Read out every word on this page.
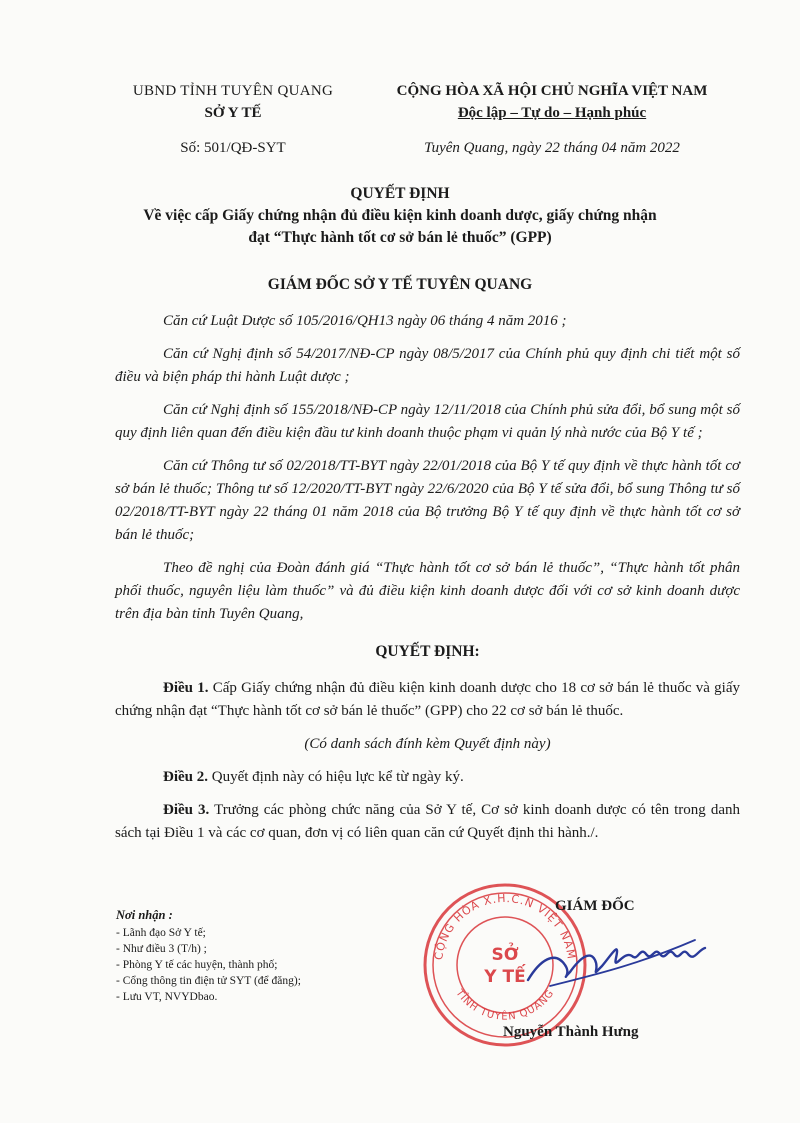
UBND TỈNH TUYÊN QUANG
SỞ Y TẾ
Số: 501/QĐ-SYT
CỘNG HÒA XÃ HỘI CHỦ NGHĨA VIỆT NAM
Độc lập – Tự do – Hạnh phúc
Tuyên Quang, ngày 22 tháng 04 năm 2022
QUYẾT ĐỊNH
Về việc cấp Giấy chứng nhận đủ điều kiện kinh doanh dược, giấy chứng nhận
đạt “Thực hành tốt cơ sở bán lẻ thuốc” (GPP)
GIÁM ĐỐC SỞ Y TẾ TUYÊN QUANG

Căn cứ Luật Dược số 105/2016/QH13 ngày 06 tháng 4 năm 2016 ;

Căn cứ Nghị định số 54/2017/NĐ-CP ngày 08/5/2017 của Chính phủ quy định chi tiết một số điều và biện pháp thi hành Luật dược ;

Căn cứ Nghị định số 155/2018/NĐ-CP ngày 12/11/2018 của Chính phủ sửa đổi, bổ sung một số quy định liên quan đến điều kiện đầu tư kinh doanh thuộc phạm vi quản lý nhà nước của Bộ Y tế ;

Căn cứ Thông tư số 02/2018/TT-BYT ngày 22/01/2018 của Bộ Y tế quy định về thực hành tốt cơ sở bán lẻ thuốc; Thông tư số 12/2020/TT-BYT ngày 22/6/2020 của Bộ Y tế sửa đổi, bổ sung Thông tư số 02/2018/TT-BYT ngày 22 tháng 01 năm 2018 của Bộ trưởng Bộ Y tế quy định về thực hành tốt cơ sở bán lẻ thuốc;

Theo đề nghị của Đoàn đánh giá “Thực hành tốt cơ sở bán lẻ thuốc”, “Thực hành tốt phân phối thuốc, nguyên liệu làm thuốc” và đủ điều kiện kinh doanh dược đối với cơ sở kinh doanh dược trên địa bàn tỉnh Tuyên Quang,

QUYẾT ĐỊNH:

Điều 1. Cấp Giấy chứng nhận đủ điều kiện kinh doanh dược cho 18 cơ sở bán lẻ thuốc và giấy chứng nhận đạt “Thực hành tốt cơ sở bán lẻ thuốc” (GPP) cho 22 cơ sở bán lẻ thuốc.

(Có danh sách đính kèm Quyết định này)

Điều 2. Quyết định này có hiệu lực kể từ ngày ký.

Điều 3. Trưởng các phòng chức năng của Sở Y tế, Cơ sở kinh doanh dược có tên trong danh sách tại Điều 1 và các cơ quan, đơn vị có liên quan căn cứ Quyết định thi hành./.

Nơi nhận :
- Lãnh đạo Sở Y tế;
- Như điều 3 (T/h) ;
- Phòng Y tế các huyện, thành phố;
- Cổng thông tin điện tử SYT (để đăng);
- Lưu VT, NVYDbao.
CỘNG HÒA X.H.C.N VIỆT NAM
TỈNH TUYÊN QUANG
SỞ
Y TẾ
GIÁM ĐỐC
Nguyễn Thành Hưng
